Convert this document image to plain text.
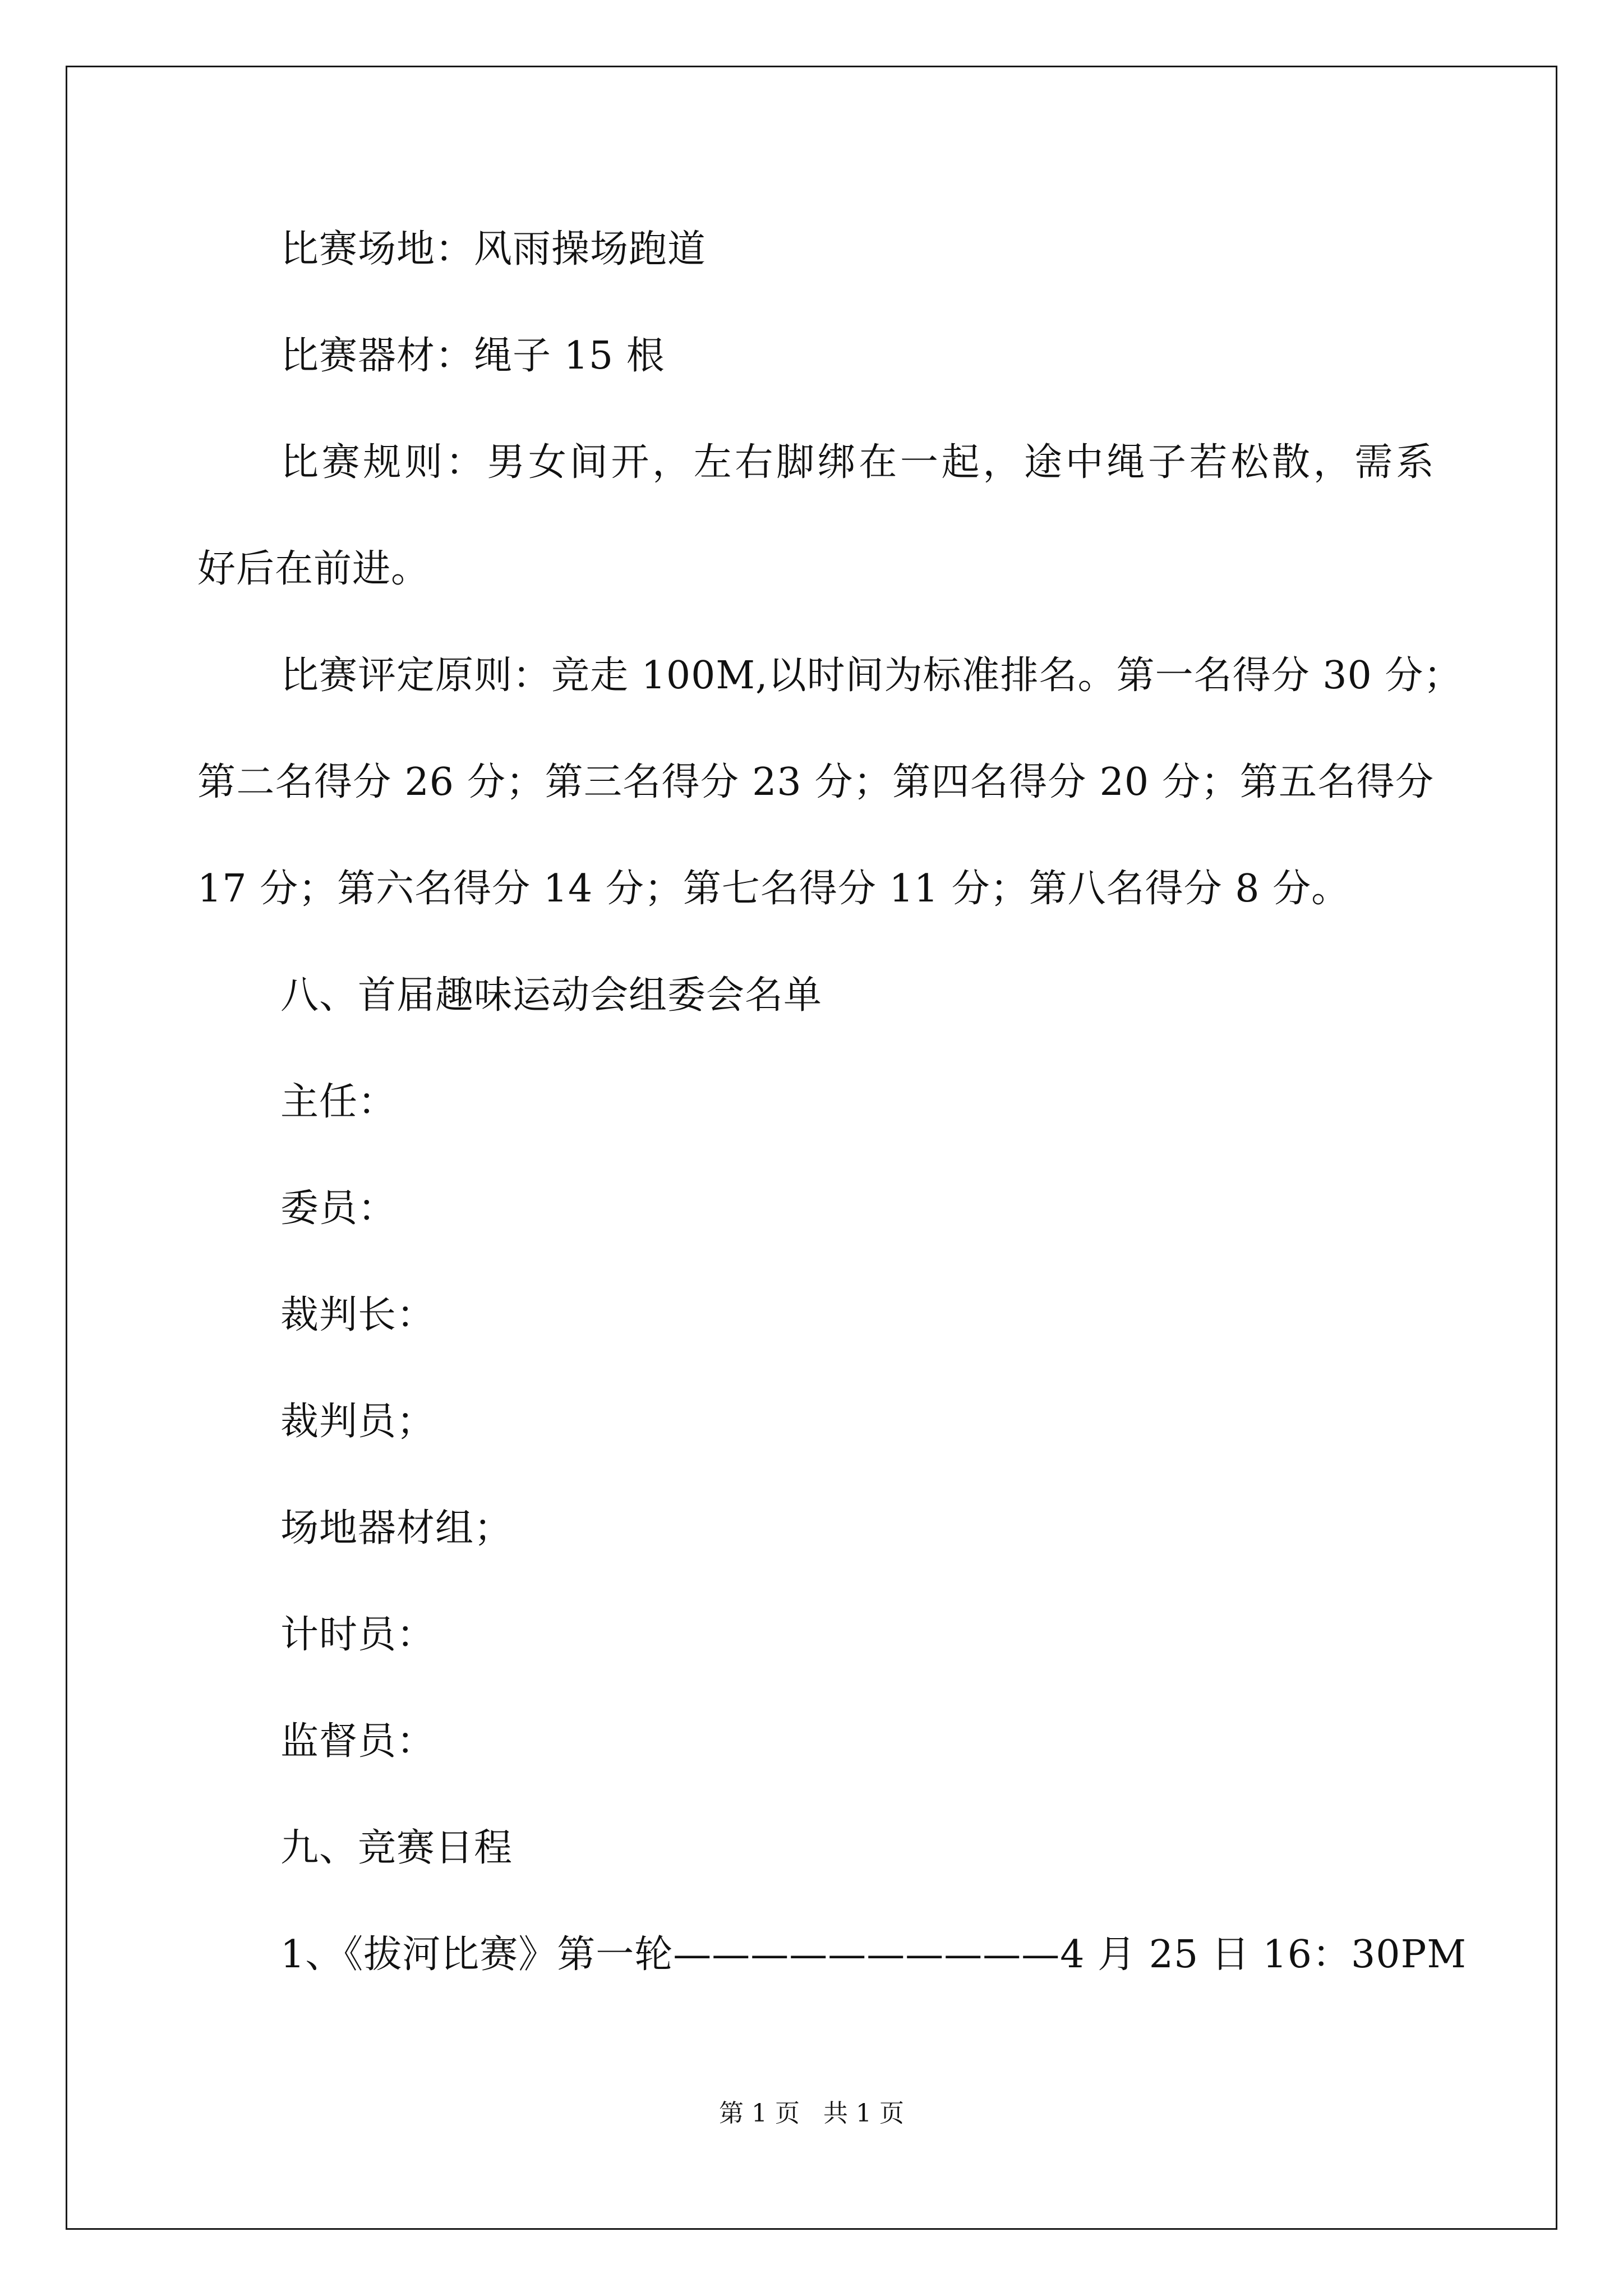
比赛场地：风雨操场跑道
比赛器材：绳子 15 根
比赛规则：男女间开，左右脚绑在一起，途中绳子若松散，需系
好后在前进。
比赛评定原则：竞走 100M,以时间为标准排名。第一名得分 30 分；
第二名得分 26 分；第三名得分 23 分；第四名得分 20 分；第五名得分
17 分；第六名得分 14 分；第七名得分 11 分；第八名得分 8 分。
八、首届趣味运动会组委会名单
主任：
委员：
裁判长：
裁判员；
场地器材组；
计时员：
监督员：
九、竞赛日程
1、《拔河比赛》第一轮——————————4 月 25 日 16：30PM
第 1 页   共 1 页
